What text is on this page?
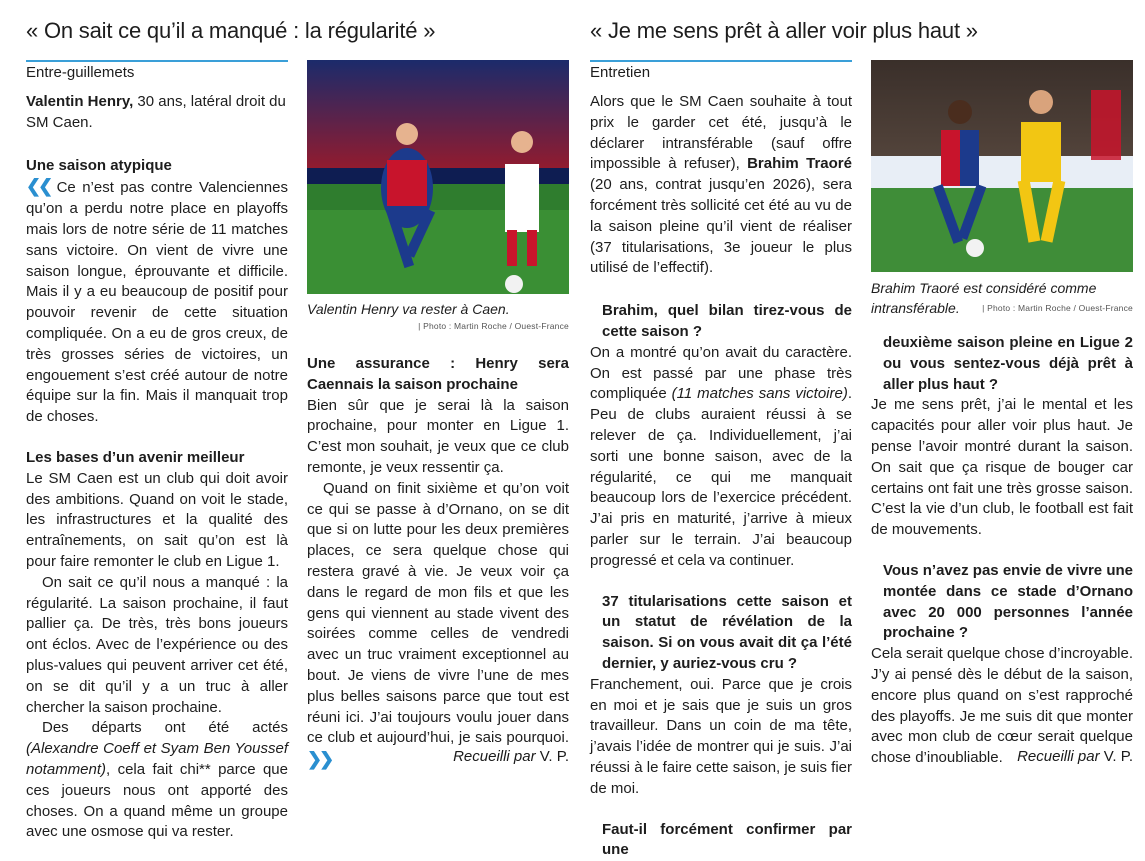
« On sait ce qu’il a manqué : la régularité »
Entre-guillemets

Valentin Henry, 30 ans, latéral droit du SM Caen.

Une saison atypique

❮❮ Ce n’est pas contre Valenciennes qu’on a perdu notre place en playoffs mais lors de notre série de 11 matches sans victoire. On vient de vivre une saison longue, éprouvante et difficile. Mais il y a eu beaucoup de positif pour pouvoir revenir de cette situation compliquée. On a eu de gros creux, de très grosses séries de victoires, un engouement s’est créé autour de notre équipe sur la fin. Mais il manquait trop de choses.

Les bases d’un avenir meilleur

Le SM Caen est un club qui doit avoir des ambitions. Quand on voit le stade, les infrastructures et la qualité des entraînements, on sait qu’on est là pour faire remonter le club en Ligue 1.

On sait ce qu’il nous a manqué : la régularité. La saison prochaine, il faut pallier ça. De très, très bons joueurs ont éclos. Avec de l’expérience ou des plus-values qui peuvent arriver cet été, on se dit qu’il y a un truc à aller chercher la saison prochaine.

Des départs ont été actés (Alexandre Coeff et Syam Ben Youssef notamment), cela fait chi** parce que ces joueurs nous ont apporté des choses. On a quand même un groupe avec une osmose qui va rester.

Valentin Henry va rester à Caen.
| Photo : Martin Roche / Ouest-France

Une assurance : Henry sera Caennais la saison prochaine

Bien sûr que je serai là la saison prochaine, pour monter en Ligue 1. C’est mon souhait, je veux que ce club remonte, je veux ressentir ça.

Quand on finit sixième et qu’on voit ce qui se passe à d’Ornano, on se dit que si on lutte pour les deux premières places, ce sera quelque chose qui restera gravé à vie. Je veux voir ça dans le regard de mon fils et que les gens qui viennent au stade vivent des soirées comme celles de vendredi avec un truc vraiment exceptionnel au bout. Je viens de vivre l’une de mes plus belles saisons parce que tout est réuni ici. J’ai toujours voulu jouer dans ce club et aujourd’hui, je sais pourquoi. ❯❯	Recueilli par V. P.
« Je me sens prêt à aller voir plus haut »
Entretien

Alors que le SM Caen souhaite à tout prix le garder cet été, jusqu’à le déclarer intransférable (sauf offre impossible à refuser), Brahim Traoré (20 ans, contrat jusqu’en 2026), sera forcément très sollicité cet été au vu de la saison pleine qu’il vient de réaliser (37 titularisations, 3e joueur le plus utilisé de l’effectif).

Brahim, quel bilan tirez-vous de cette saison ?

On a montré qu’on avait du caractère. On est passé par une phase très compliquée (11 matches sans victoire). Peu de clubs auraient réussi à se relever de ça. Individuellement, j’ai sorti une bonne saison, avec de la régularité, ce qui me manquait beaucoup lors de l’exercice précédent. J’ai pris en maturité, j’arrive à mieux parler sur le terrain. J’ai beaucoup progressé et cela va continuer.

37 titularisations cette saison et un statut de révélation de la saison. Si on vous avait dit ça l’été dernier, y auriez-vous cru ?

Franchement, oui. Parce que je crois en moi et je sais que je suis un gros travailleur. Dans un coin de ma tête, j’avais l’idée de montrer qui je suis. J’ai réussi à le faire cette saison, je suis fier de moi.

Faut-il forcément confirmer par une

Brahim Traoré est considéré comme intransférable.	| Photo : Martin Roche / Ouest-France

deuxième saison pleine en Ligue 2 ou vous sentez-vous déjà prêt à aller plus haut ?

Je me sens prêt, j’ai le mental et les capacités pour aller voir plus haut. Je pense l’avoir montré durant la saison. On sait que ça risque de bouger car certains ont fait une très grosse saison. C’est la vie d’un club, le football est fait de mouvements.

Vous n’avez pas envie de vivre une montée dans ce stade d’Ornano avec 20 000 personnes l’année prochaine ?

Cela serait quelque chose d’incroyable. J’y ai pensé dès le début de la saison, encore plus quand on s’est rapproché des playoffs. Je me suis dit que monter avec mon club de cœur serait quelque chose d’inoubliable. Recueilli par V. P.
